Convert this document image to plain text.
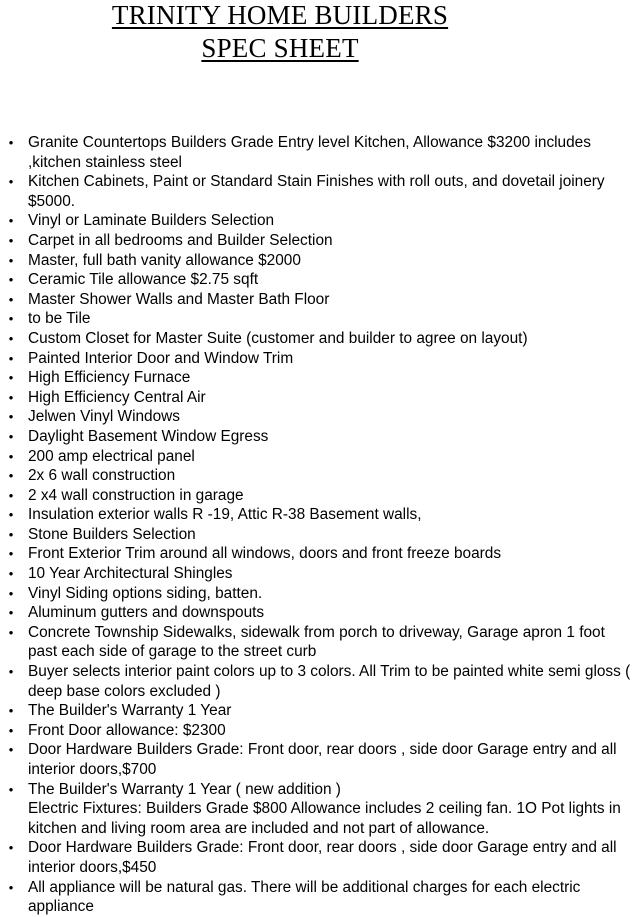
TRINITY HOME BUILDERS
SPEC SHEET
• Granite Countertops Builders Grade Entry level Kitchen, Allowance $3200 includes ,kitchen stainless steel
• Kitchen Cabinets, Paint or Standard Stain Finishes with roll outs, and dovetail joinery $5000.
• Vinyl or Laminate Builders Selection
• Carpet in all bedrooms and Builder Selection
• Master, full bath vanity allowance $2000
• Ceramic Tile allowance $2.75 sqft
• Master Shower Walls and Master Bath Floor
• to be Tile
• Custom Closet for Master Suite (customer and builder to agree on layout)
• Painted Interior Door and Window Trim
• High Efficiency Furnace
• High Efficiency Central Air
• Jelwen Vinyl Windows
• Daylight Basement Window Egress
• 200 amp electrical panel
• 2x 6 wall construction
• 2 x4 wall construction in garage
• Insulation exterior walls R -19, Attic R-38 Basement walls,
• Stone Builders Selection
• Front Exterior Trim around all windows, doors and front freeze boards
• 10 Year Architectural Shingles
• Vinyl Siding options siding, batten.
• Aluminum gutters and downspouts
• Concrete Township Sidewalks, sidewalk from porch to driveway, Garage apron 1 foot past each side of garage to the street curb
• Buyer selects interior paint colors up to 3 colors. All Trim to be painted white semi gloss ( deep base colors excluded )
• The Builder's Warranty 1 Year
• Front Door allowance: $2300
• Door Hardware Builders Grade: Front door, rear doors , side door Garage entry and all interior doors,$700
• The Builder's Warranty 1 Year ( new addition )
Electric Fixtures: Builders Grade $800 Allowance includes 2 ceiling fan. 1O Pot lights in kitchen and living room area are included and not part of allowance.
• Door Hardware Builders Grade: Front door, rear doors , side door Garage entry and all interior doors,$450
• All appliance will be natural gas. There will be additional charges for each electric appliance
